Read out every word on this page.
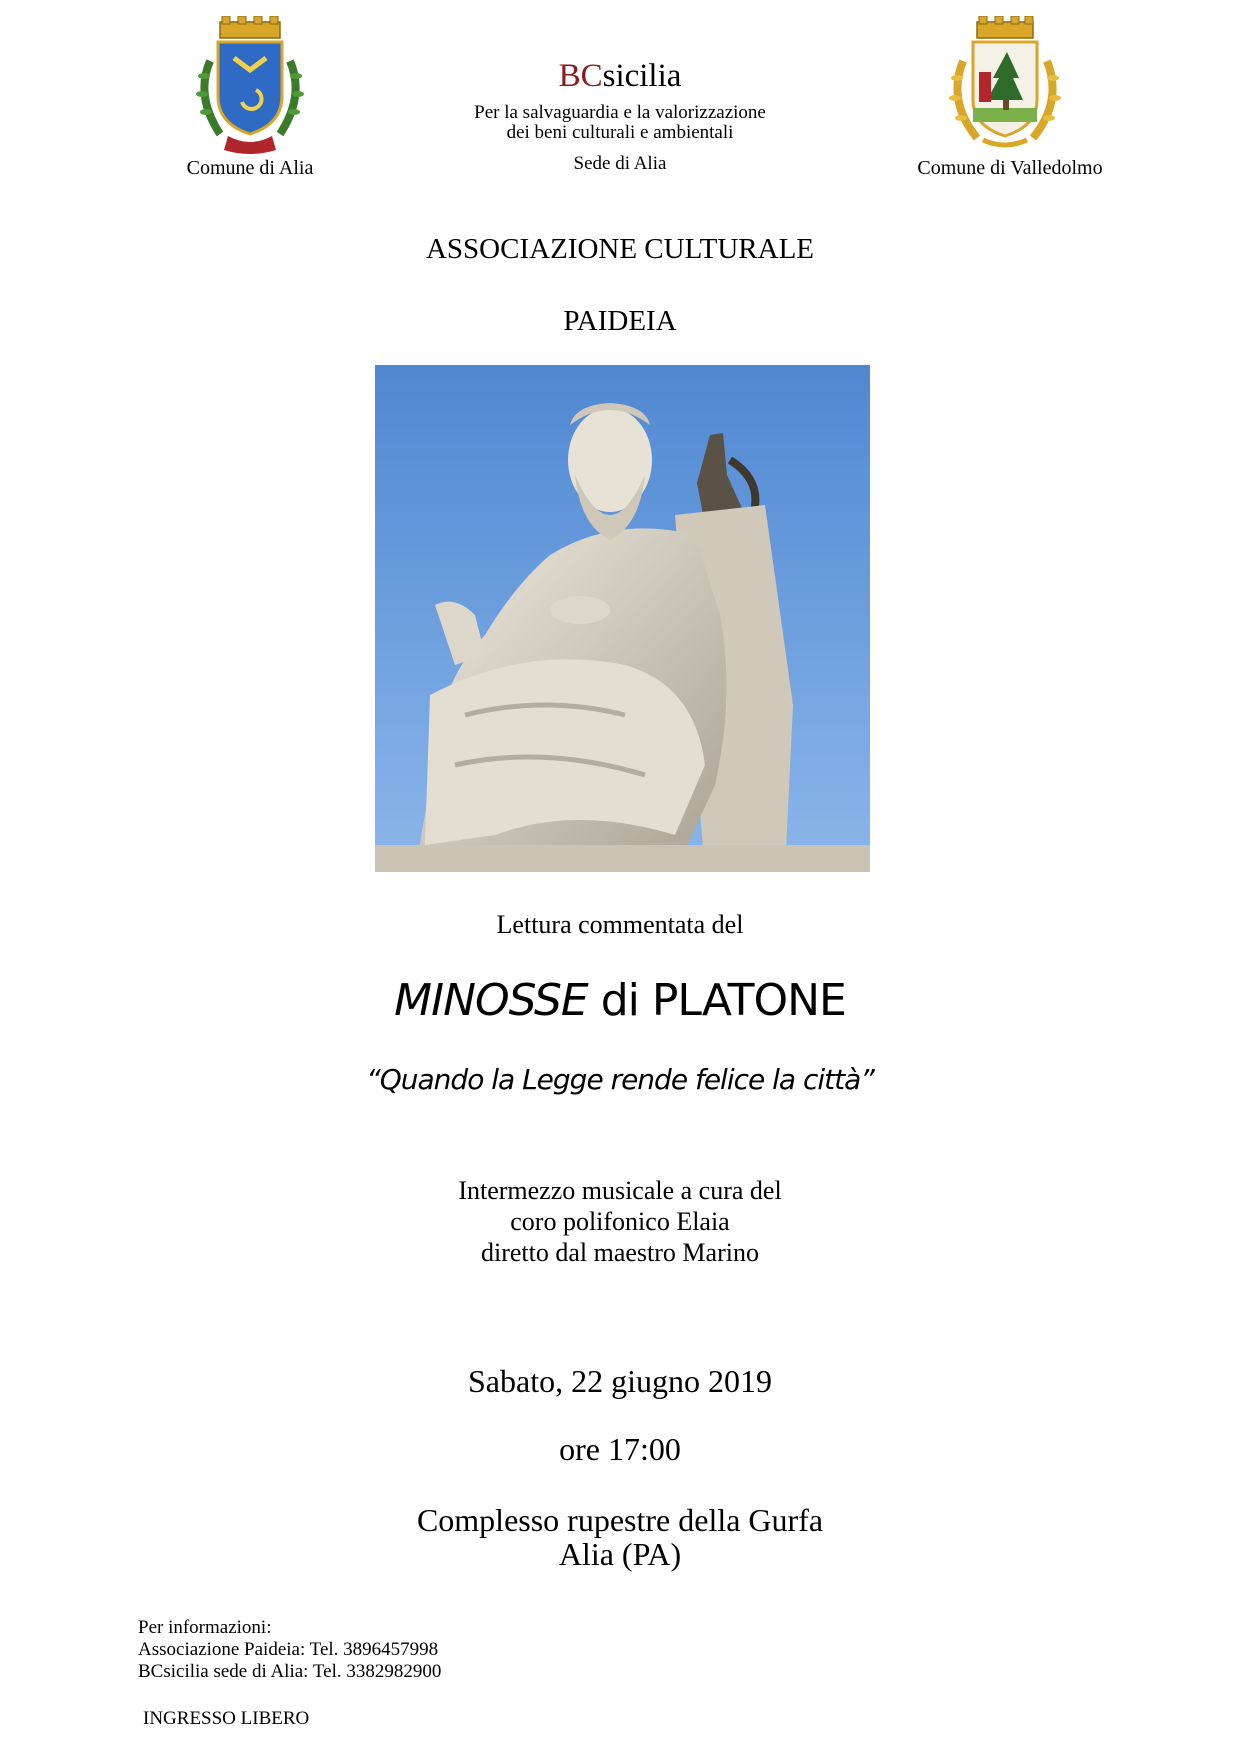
Comune di Alia	Comune di Valledolmo
BCsicilia
Per la salvaguardia e la valorizzazione
dei beni culturali e ambientali
Sede di Alia
ASSOCIAZIONE CULTURALE
PAIDEIA
Lettura commentata del
MINOSSE di PLATONE
“Quando la Legge rende felice la città”
Intermezzo musicale a cura del
coro polifonico Elaia
diretto dal maestro Marino
Sabato, 22 giugno 2019
ore 17:00
Complesso rupestre della Gurfa
Alia (PA)
Per informazioni:
Associazione Paideia: Tel. 3896457998
BCsicilia sede di Alia: Tel. 3382982900
INGRESSO LIBERO
